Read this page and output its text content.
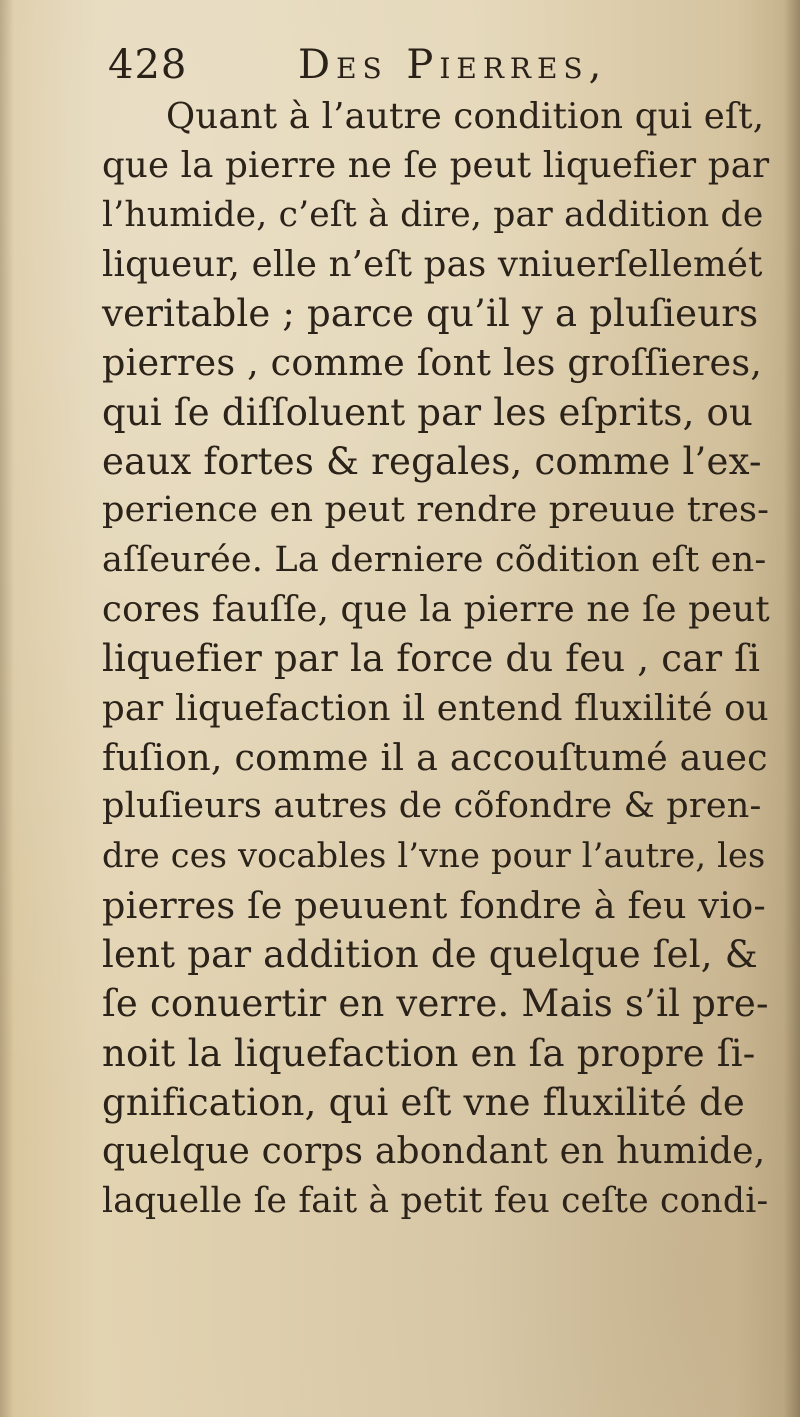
428	Des Pierres,
Quant à l’autre condition qui eſt,
que la pierre ne ſe peut liquefier par
l’humide, c’eſt à dire, par addition de
liqueur, elle n’eſt pas vniuerſellemét
veritable ; parce qu’il y a pluſieurs
pierres , comme ſont les groſſieres,
qui ſe diſſoluent par les eſprits, ou
eaux fortes & regales, comme l’ex-
perience en peut rendre preuue tres-
aſſeurée. La derniere cõdition eſt en-
cores fauſſe, que la pierre ne ſe peut
liquefier par la force du feu , car ſi
par liquefaction il entend fluxilité ou
fuſion, comme il a accouſtumé auec
pluſieurs autres de cõfondre & pren-
dre ces vocables l’vne pour l’autre, les
pierres ſe peuuent fondre à feu vio-
lent par addition de quelque ſel, &
ſe conuertir en verre. Mais s’il pre-
noit la liquefaction en ſa propre ſi-
gnification, qui eſt vne fluxilité de
quelque corps abondant en humide,
laquelle ſe fait à petit feu ceſte condi-
